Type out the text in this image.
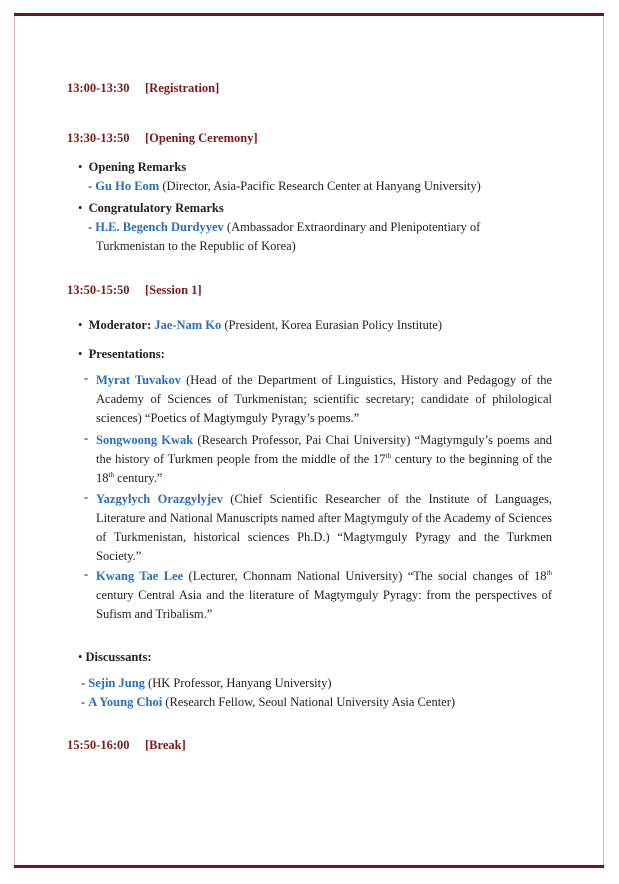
13:00-13:30 [Registration]
13:30-13:50 [Opening Ceremony]
• Opening Remarks
- Gu Ho Eom (Director, Asia-Pacific Research Center at Hanyang University)
• Congratulatory Remarks
- H.E. Begench Durdyyev (Ambassador Extraordinary and Plenipotentiary of
Turkmenistan to the Republic of Korea)
13:50-15:50 [Session 1]
• Moderator: Jae-Nam Ko (President, Korea Eurasian Policy Institute)
• Presentations:
- Myrat Tuvakov (Head of the Department of Linguistics, History and Pedagogy of the Academy of Sciences of Turkmenistan; scientific secretary; candidate of philological sciences) “Poetics of Magtymguly Pyragy’s poems.”
- Songwoong Kwak (Research Professor, Pai Chai University) “Magtymguly’s poems and the history of Turkmen people from the middle of the 17th century to the beginning of the 18th century.”
- Yazgylych Orazgylyjev (Chief Scientific Researcher of the Institute of Languages, Literature and National Manuscripts named after Magtymguly of the Academy of Sciences of Turkmenistan, historical sciences Ph.D.) “Magtymguly Pyragy and the Turkmen Society.”
- Kwang Tae Lee (Lecturer, Chonnam National University) “The social changes of 18th century Central Asia and the literature of Magtymguly Pyragy: from the perspectives of Sufism and Tribalism.”
• Discussants:
- Sejin Jung (HK Professor, Hanyang University)
- A Young Choi (Research Fellow, Seoul National University Asia Center)
15:50-16:00 [Break]
